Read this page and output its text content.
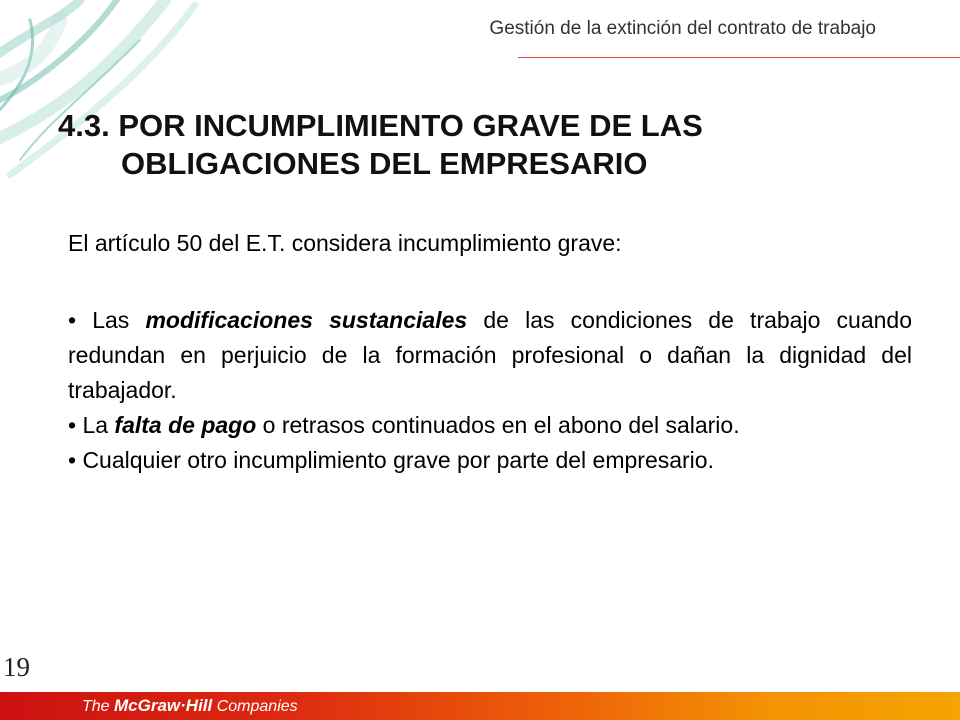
Gestión de la extinción del contrato de trabajo
4.3. POR INCUMPLIMIENTO GRAVE DE LAS
OBLIGACIONES DEL EMPRESARIO
El artículo 50 del E.T. considera incumplimiento grave:

• Las modificaciones sustanciales de las condiciones de trabajo cuando redundan en perjuicio de la formación profesional o dañan la dignidad del trabajador.

• La falta de pago o retrasos continuados en el abono del salario.

• Cualquier otro incumplimiento grave por parte del empresario.

19
The McGraw·Hill Companies
